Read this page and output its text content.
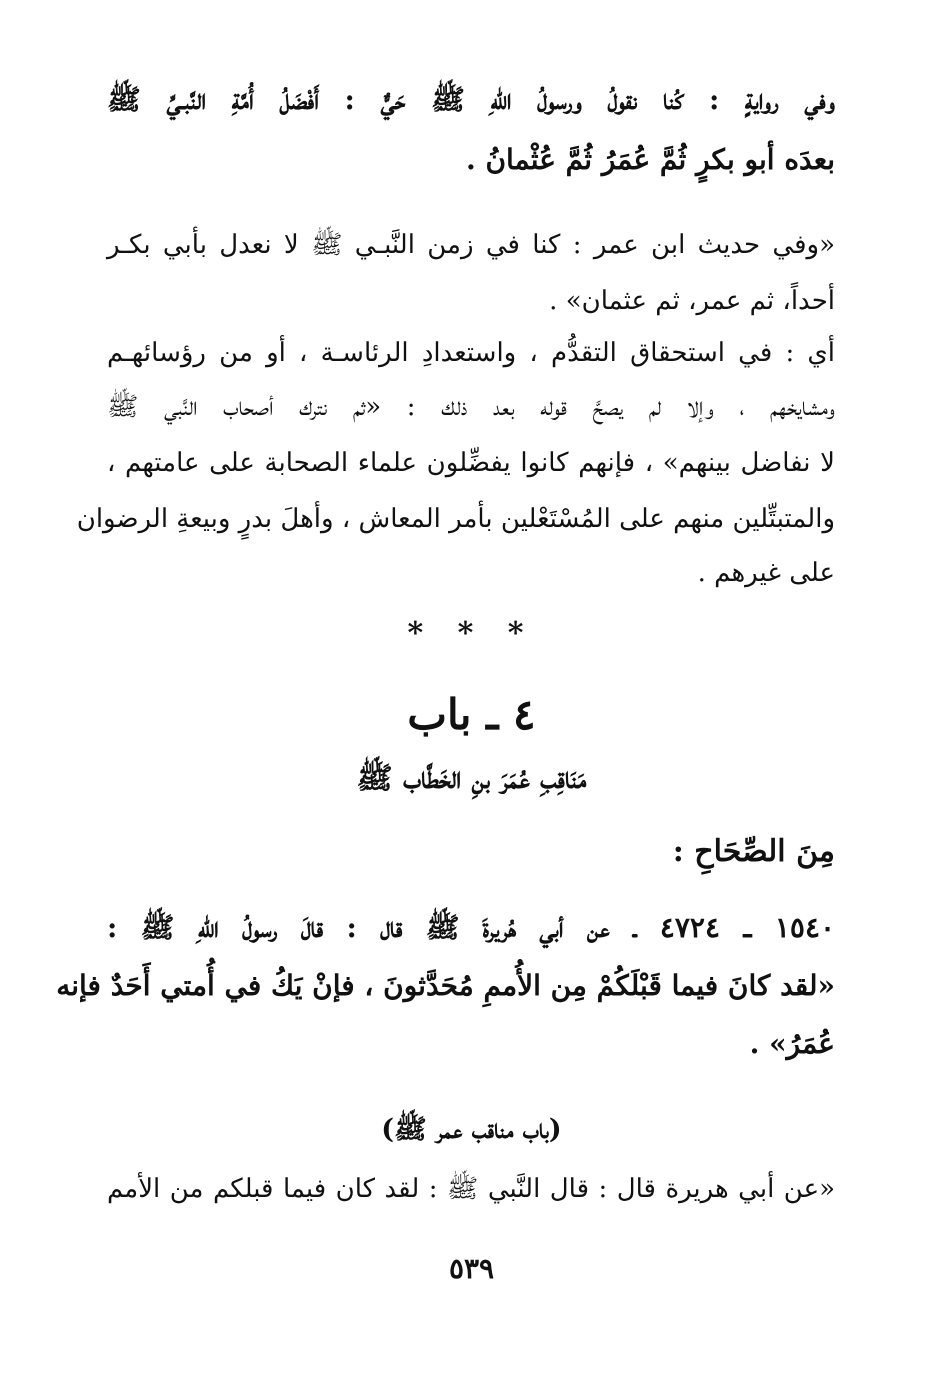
وفي روايةٍ : كُنا نقولُ ورسولُ اللهِ ﷺ حَيٌّ : أَفْضَلُ أُمَّةِ النَّبـيِّ ﷺ
بعدَه أبو بكرٍ ثُمَّ عُمَرُ ثُمَّ عُثْمانُ .
«وفي حديث ابن عمر : كنا في زمن النَّبـي ﷺ لا نعدل بأبي بكـر
أحداً، ثم عمر، ثم عثمان» .
أي : في استحقاق التقدُّم ، واستعدادِ الرئاسـة ، أو من رؤسائهـم
ومشايخهم ، وإلا لم يصحَّ قوله بعد ذلك : «ثم نترك أصحاب النَّبي ﷺ
لا نفاضل بينهم» ، فإنهم كانوا يفضِّلون علماء الصحابة على عامتهم ،
والمتبتِّلين منهم على المُسْتَعْلين بأمر المعاش ، وأهلَ بدرٍ وبيعةِ الرضوان
على غيرهم .
* * *
٤ ـ باب
مَنَاقِبِ عُمَرَ بنِ الخَطَّاب ﷺ
مِنَ الصِّحَاحِ :
١٥٤٠ ـ ٤٧٢٤ ـ عن أبي هُريرةَ ﷺ قال : قالَ رسولُ اللهِ ﷺ :
«لقد كانَ فيما قَبْلَكُمْ مِن الأُممِ مُحَدَّثونَ ، فإنْ يَكُ في أُمتي أَحَدٌ فإنه
عُمَرُ» .
(باب مناقب عمر ﷺ)
«عن أبي هريرة قال : قال النَّبي ﷺ : لقد كان فيما قبلكم من الأمم
٥٣٩
